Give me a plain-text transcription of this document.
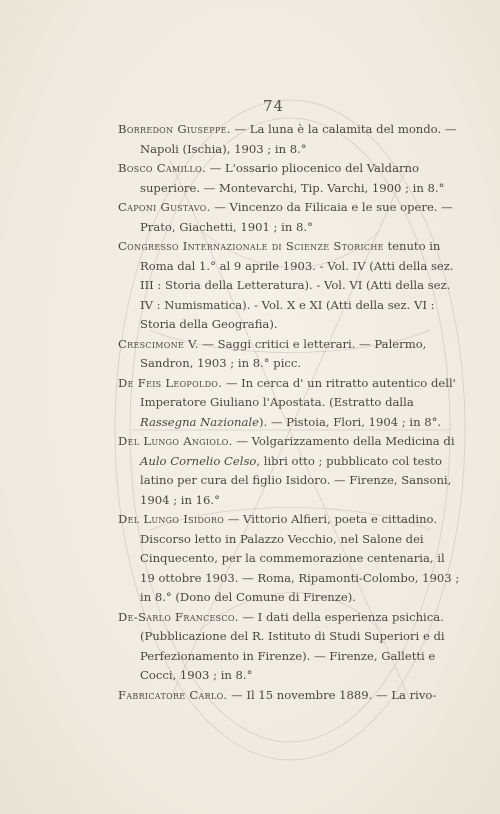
74

Borredon Giuseppe. — La luna è la calamita del mondo. — Napoli (Ischia), 1903 ; in 8.°

Bosco Camillo. — L'ossario pliocenico del Valdarno superiore. — Montevarchi, Tip. Varchi, 1900 ; in 8.°

Caponi Gustavo. — Vincenzo da Filicaia e le sue opere. — Prato, Giachetti, 1901 ; in 8.°

Congresso Internazionale di Scienze Storiche tenuto in Roma dal 1.° al 9 aprile 1903. - Vol. IV (Atti della sez. III : Storia della Letteratura). - Vol. VI (Atti della sez. IV : Numismatica). - Vol. X e XI (Atti della sez. VI : Storia della Geografia).

Crescimone V. — Saggi critici e letterari. — Palermo, Sandron, 1903 ; in 8.° picc.

De Feis Leopoldo. — In cerca d' un ritratto autentico dell' Imperatore Giuliano l'Apostata. (Estratto dalla Rassegna Nazionale). — Pistoia, Flori, 1904 ; in 8°.

Del Lungo Angiolo. — Volgarizzamento della Medicina di Aulo Cornelio Celso, libri otto ; pubblicato col testo latino per cura del figlio Isidoro. — Firenze, Sansoni, 1904 ; in 16.°

Del Lungo Isidoro — Vittorio Alfieri, poeta e cittadino. Discorso letto in Palazzo Vecchio, nel Salone dei Cinquecento, per la commemorazione centenaria, il 19 ottobre 1903. — Roma, Ripamonti-Colombo, 1903 ; in 8.° (Dono del Comune di Firenze).

De-Sarlo Francesco. — I dati della esperienza psichica. (Pubblicazione del R. Istituto di Studi Superiori e di Perfezionamento in Firenze). — Firenze, Galletti e Cocci, 1903 ; in 8.°

Fabricatore Carlo. — Il 15 novembre 1889. — La rivo-
